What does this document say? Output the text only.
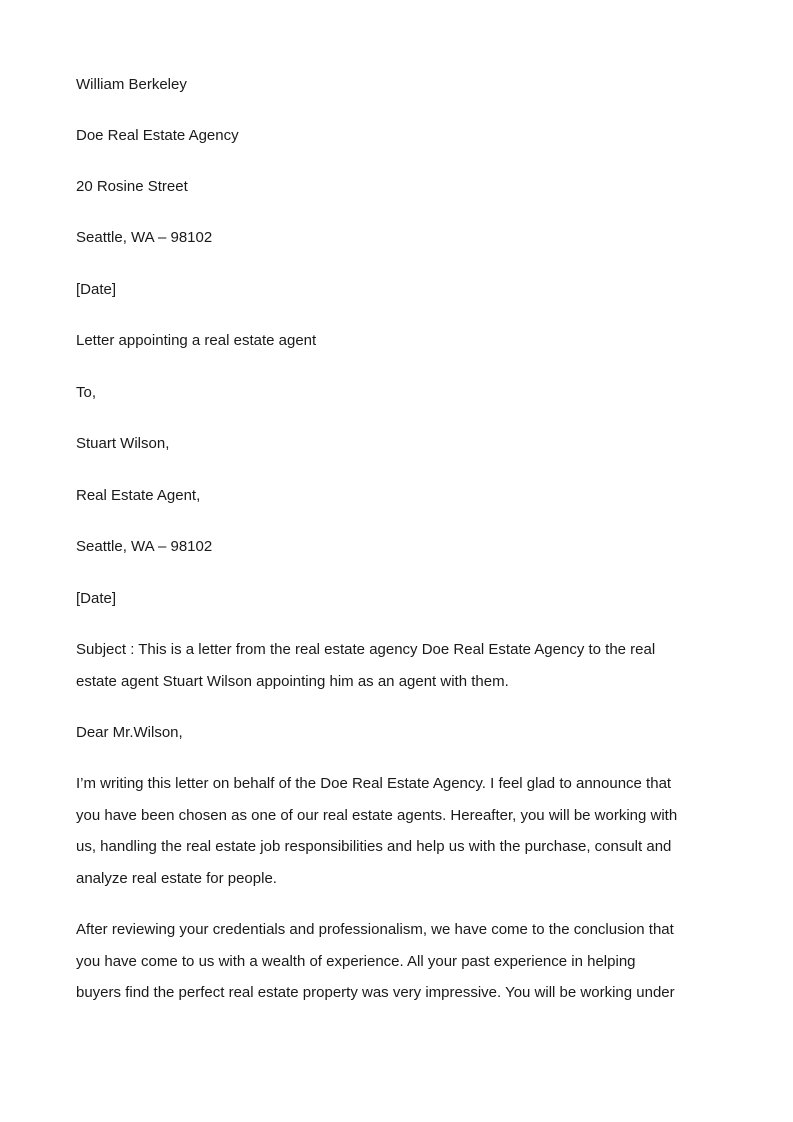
William Berkeley
Doe Real Estate Agency
20 Rosine Street
Seattle, WA – 98102
[Date]
Letter appointing a real estate agent
To,
Stuart Wilson,
Real Estate Agent,
Seattle, WA – 98102
[Date]
Subject : This is a letter from the real estate agency Doe Real Estate Agency to the real
estate agent Stuart Wilson appointing him as an agent with them.
Dear Mr.Wilson,
I’m writing this letter on behalf of the Doe Real Estate Agency. I feel glad to announce that
you have been chosen as one of our real estate agents. Hereafter, you will be working with
us, handling the real estate job responsibilities and help us with the purchase, consult and
analyze real estate for people.
After reviewing your credentials and professionalism, we have come to the conclusion that
you have come to us with a wealth of experience. All your past experience in helping
buyers find the perfect real estate property was very impressive. You will be working under
